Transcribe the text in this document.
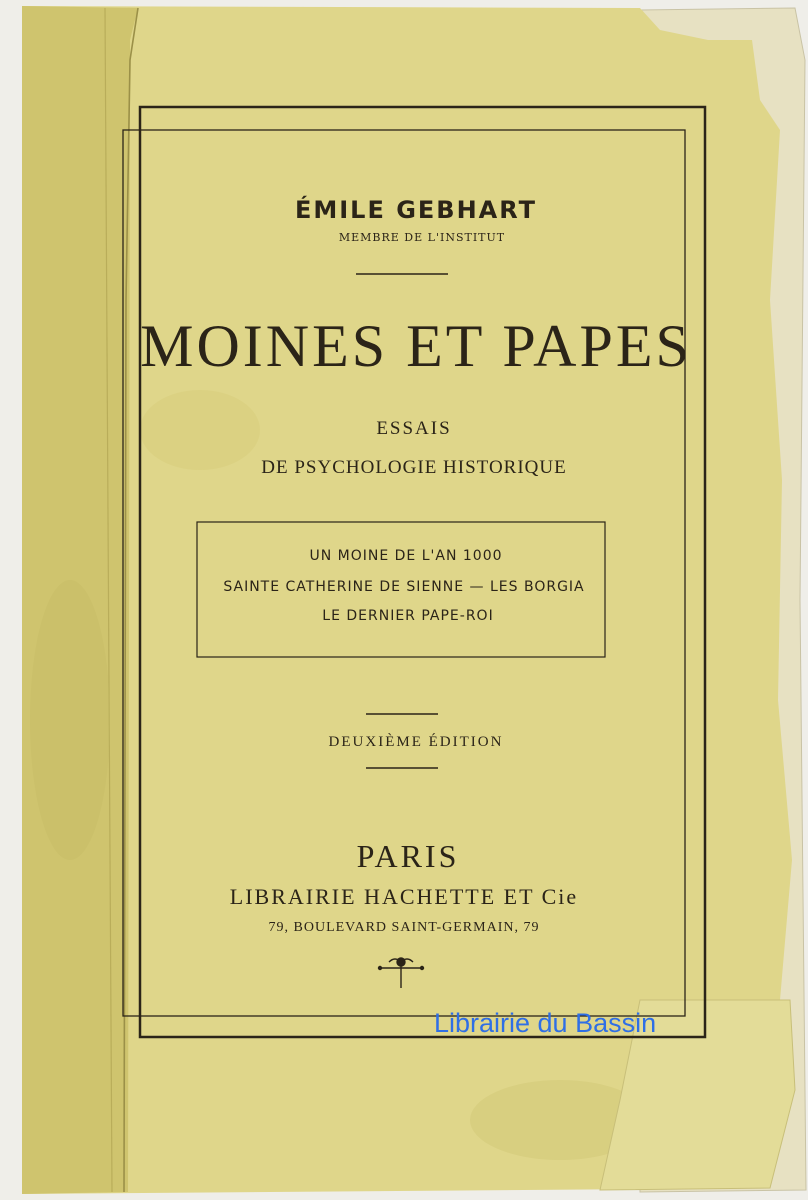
ÉMILE GEBHART
MEMBRE DE L'INSTITUT
MOINES ET PAPES
ESSAIS
DE PSYCHOLOGIE HISTORIQUE
UN MOINE DE L'AN 1000
SAINTE CATHERINE DE SIENNE — LES BORGIA
LE DERNIER PAPE-ROI
DEUXIÈME ÉDITION
PARIS
LIBRAIRIE HACHETTE ET Cie
79, BOULEVARD SAINT-GERMAIN, 79
Librairie du Bassin
